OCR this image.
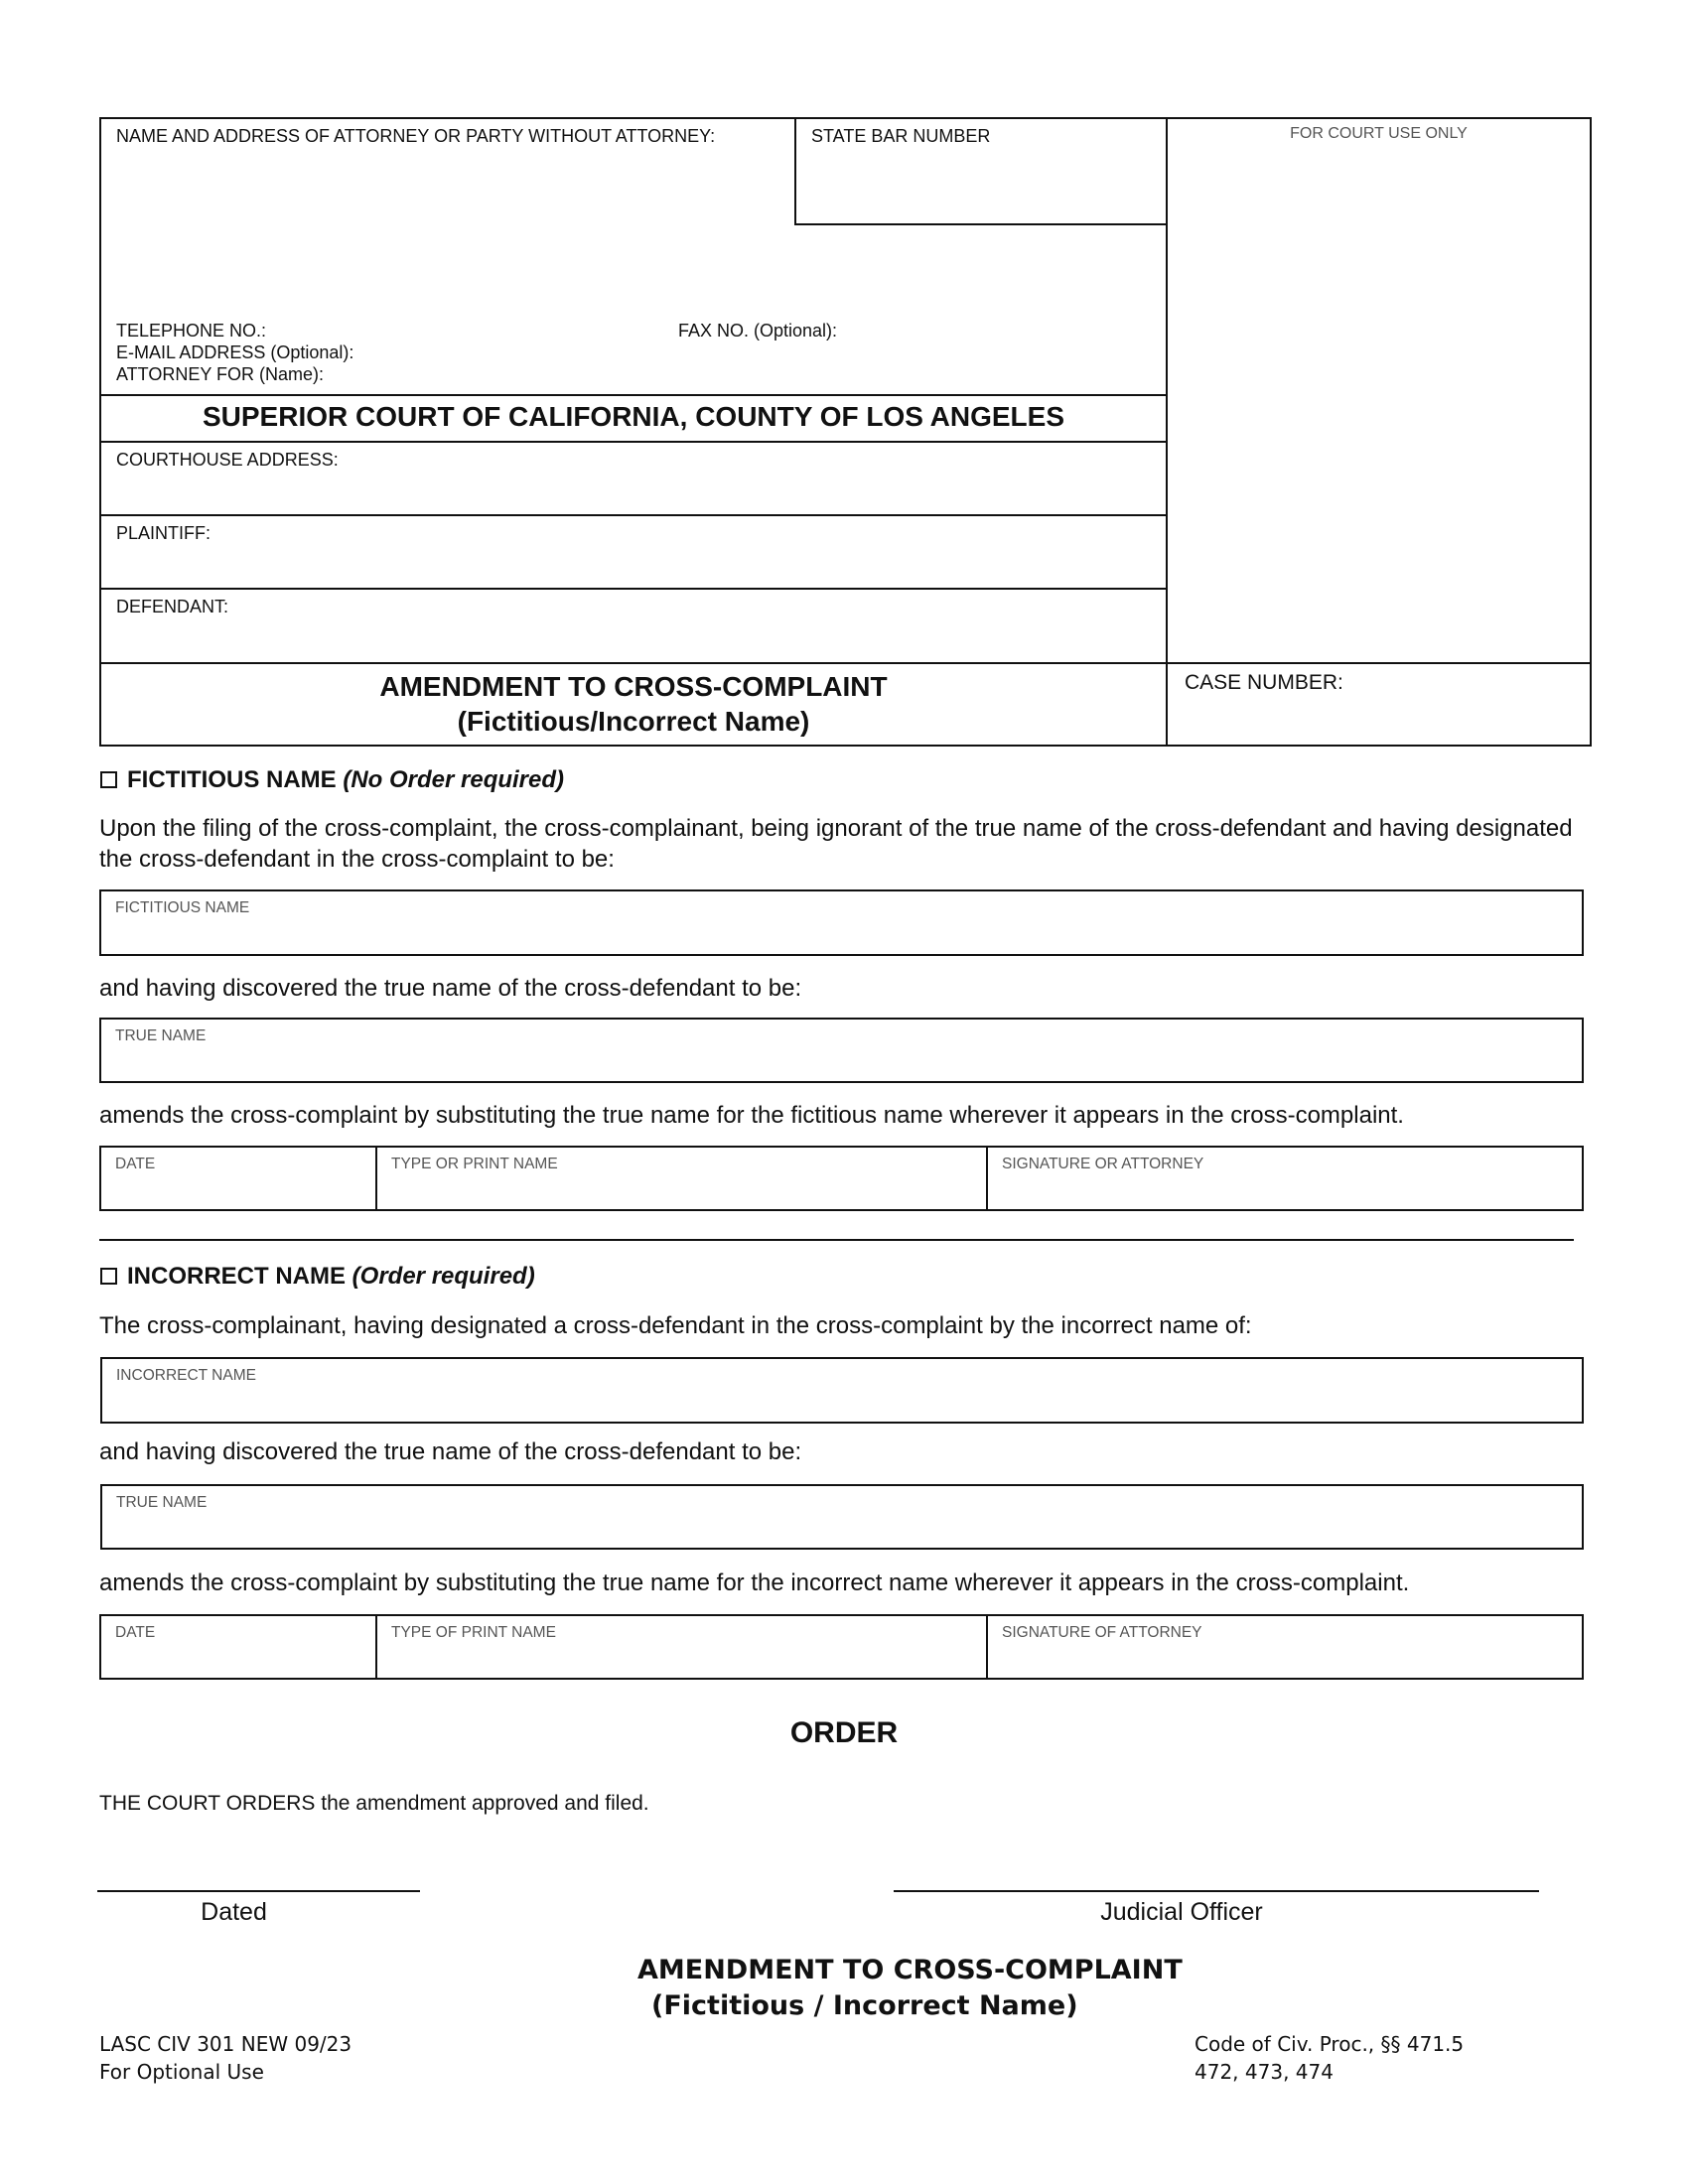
NAME AND ADDRESS OF ATTORNEY OR PARTY WITHOUT ATTORNEY:	STATE BAR NUMBER	FOR COURT USE ONLY
TELEPHONE NO.:	FAX NO. (Optional):
E-MAIL ADDRESS (Optional):
ATTORNEY FOR (Name):
SUPERIOR COURT OF CALIFORNIA, COUNTY OF LOS ANGELES
COURTHOUSE ADDRESS:
PLAINTIFF:
DEFENDANT:
AMENDMENT TO CROSS-COMPLAINT
(Fictitious/Incorrect Name)
CASE NUMBER:
FICTITIOUS NAME (No Order required)
Upon the filing of the cross-complaint, the cross-complainant, being ignorant of the true name of the cross-defendant and having designated the cross-defendant in the cross-complaint to be:
FICTITIOUS NAME
and having discovered the true name of the cross-defendant to be:
TRUE NAME
amends the cross-complaint by substituting the true name for the fictitious name wherever it appears in the cross-complaint.
DATE	TYPE OR PRINT NAME	SIGNATURE OR ATTORNEY
INCORRECT NAME (Order required)
The cross-complainant, having designated a cross-defendant in the cross-complaint by the incorrect name of:
INCORRECT NAME
and having discovered the true name of the cross-defendant to be:
TRUE NAME
amends the cross-complaint by substituting the true name for the incorrect name wherever it appears in the cross-complaint.
DATE	TYPE OF PRINT NAME	SIGNATURE OF ATTORNEY
ORDER
THE COURT ORDERS the amendment approved and filed.
Dated	Judicial Officer
AMENDMENT TO CROSS-COMPLAINT
(Fictitious / Incorrect Name)
LASC CIV 301 NEW 09/23
For Optional Use
Code of Civ. Proc., §§ 471.5
472, 473, 474
